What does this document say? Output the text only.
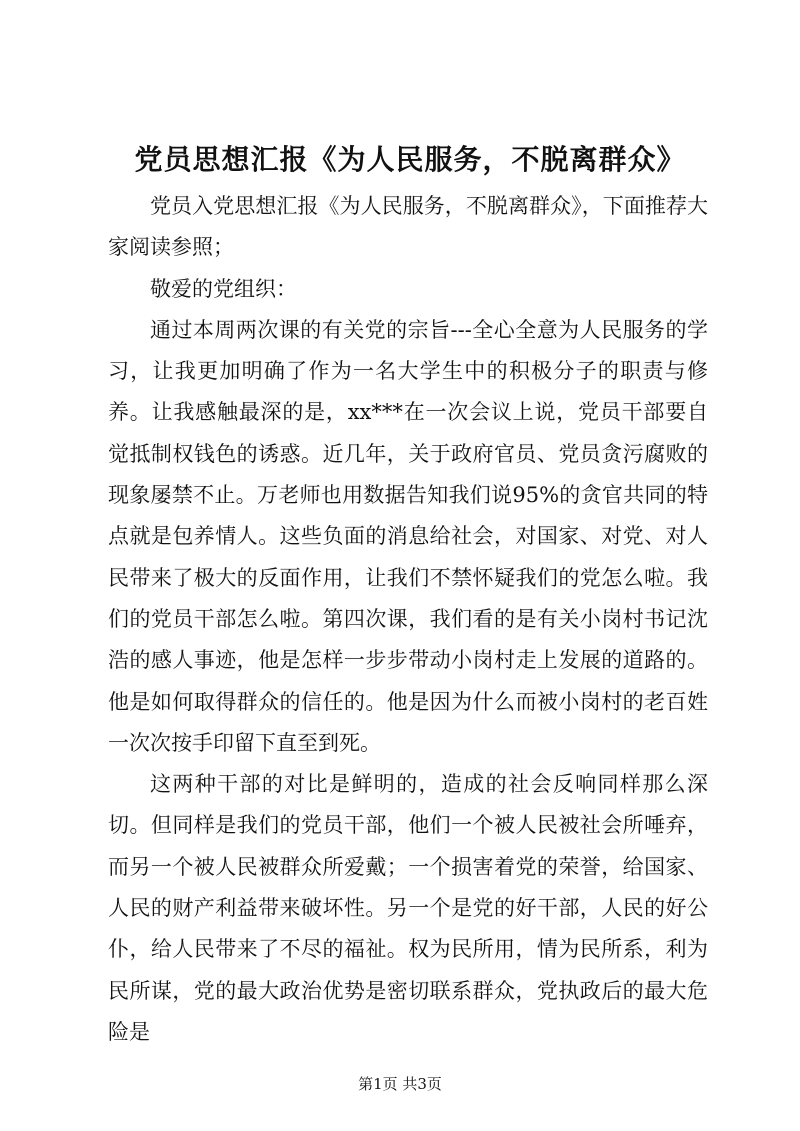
党员思想汇报《为人民服务，不脱离群众》

党员入党思想汇报《为人民服务，不脱离群众》，下面推荐大家阅读参照；

敬爱的党组织：

通过本周两次课的有关党的宗旨---全心全意为人民服务的学习，让我更加明确了作为一名大学生中的积极分子的职责与修养。让我感触最深的是，xx***在一次会议上说，党员干部要自觉抵制权钱色的诱惑。近几年，关于政府官员、党员贪污腐败的现象屡禁不止。万老师也用数据告知我们说95%的贪官共同的特点就是包养情人。这些负面的消息给社会，对国家、对党、对人民带来了极大的反面作用，让我们不禁怀疑我们的党怎么啦。我们的党员干部怎么啦。第四次课，我们看的是有关小岗村书记沈浩的感人事迹，他是怎样一步步带动小岗村走上发展的道路的。他是如何取得群众的信任的。他是因为什么而被小岗村的老百姓一次次按手印留下直至到死。

这两种干部的对比是鲜明的，造成的社会反响同样那么深切。但同样是我们的党员干部，他们一个被人民被社会所唾弃，而另一个被人民被群众所爱戴；一个损害着党的荣誉，给国家、人民的财产利益带来破坏性。另一个是党的好干部，人民的好公仆，给人民带来了不尽的福祉。权为民所用，情为民所系，利为民所谋，党的最大政治优势是密切联系群众，党执政后的最大危险是

第1页 共3页
